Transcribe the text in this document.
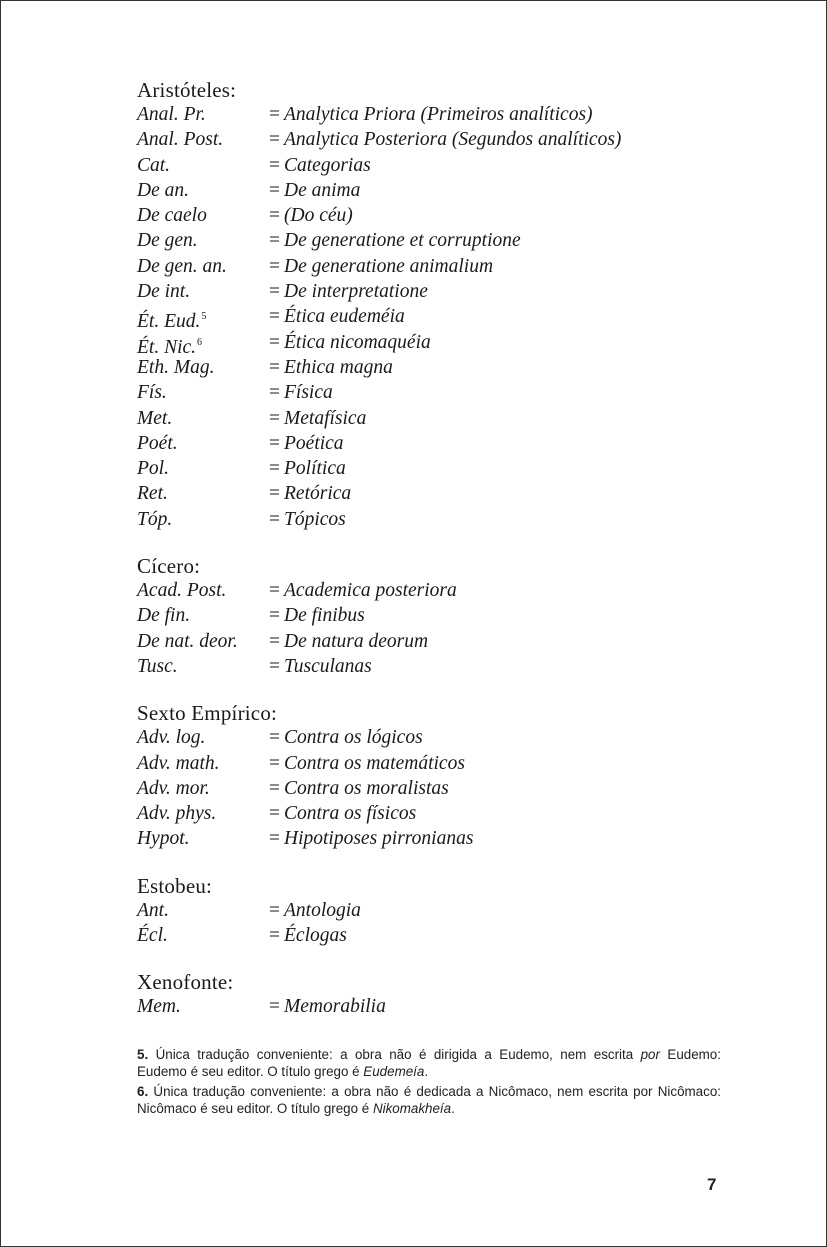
Aristóteles:
Anal. Pr.	= Analytica Priora (Primeiros analíticos)
Anal. Post.	= Analytica Posteriora (Segundos analíticos)
Cat.	= Categorias
De an.	= De anima
De caelo	= (Do céu)
De gen.	= De generatione et corruptione
De gen. an.	= De generatione animalium
De int.	= De interpretatione
Ét. Eud.$^5$	= Ética eudeméia
Ét. Nic.$^6$	= Ética nicomaquéia
Eth. Mag.	= Ethica magna
Fís.	= Física
Met.	= Metafísica
Poét.	= Poética
Pol.	= Política
Ret.	= Retórica
Tóp.	= Tópicos
Cícero:
Acad. Post.	= Academica posteriora
De fin.	= De finibus
De nat. deor.	= De natura deorum
Tusc.	= Tusculanas
Sexto Empírico:
Adv. log.	= Contra os lógicos
Adv. math.	= Contra os matemáticos
Adv. mor.	= Contra os moralistas
Adv. phys.	= Contra os físicos
Hypot.	= Hipotiposes pirronianas
Estobeu:
Ant.	= Antologia
Écl.	= Éclogas
Xenofonte:
Mem.	= Memorabilia
5. Única tradução conveniente: a obra não é dirigida a Eudemo, nem escrita por Eudemo: Eudemo é seu editor. O título grego é Eudemeía.
6. Única tradução conveniente: a obra não é dedicada a Nicômaco, nem escrita por Nicômaco: Nicômaco é seu editor. O título grego é Nikomakheía.
7
